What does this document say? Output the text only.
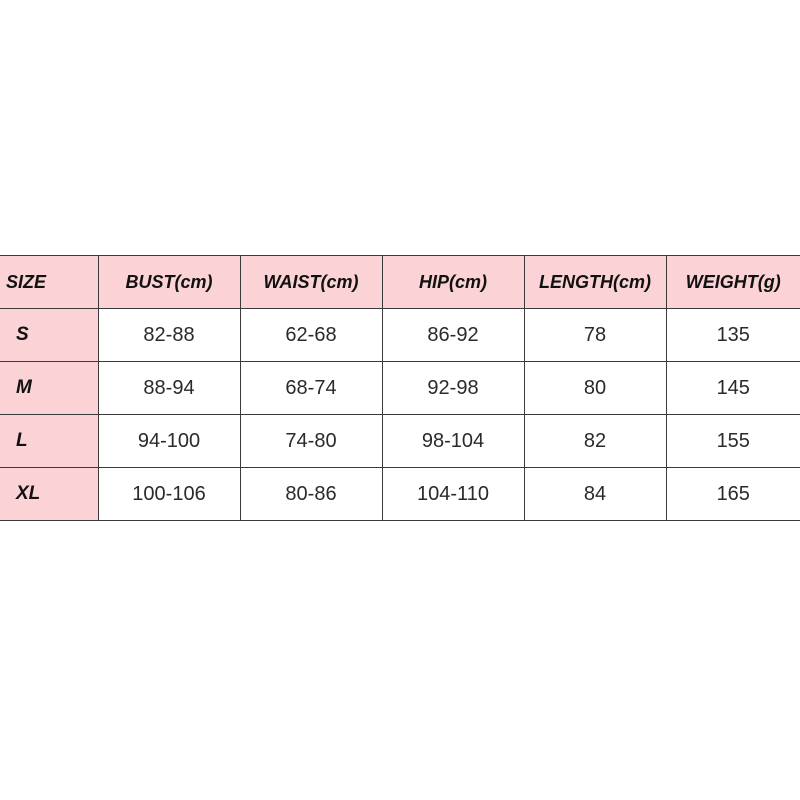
SIZE	BUST(cm)	WAIST(cm)	HIP(cm)	LENGTH(cm)	WEIGHT(g)
S	82-88	62-68	86-92	78	135
M	88-94	68-74	92-98	80	145
L	94-100	74-80	98-104	82	155
XL	100-106	80-86	104-110	84	165
